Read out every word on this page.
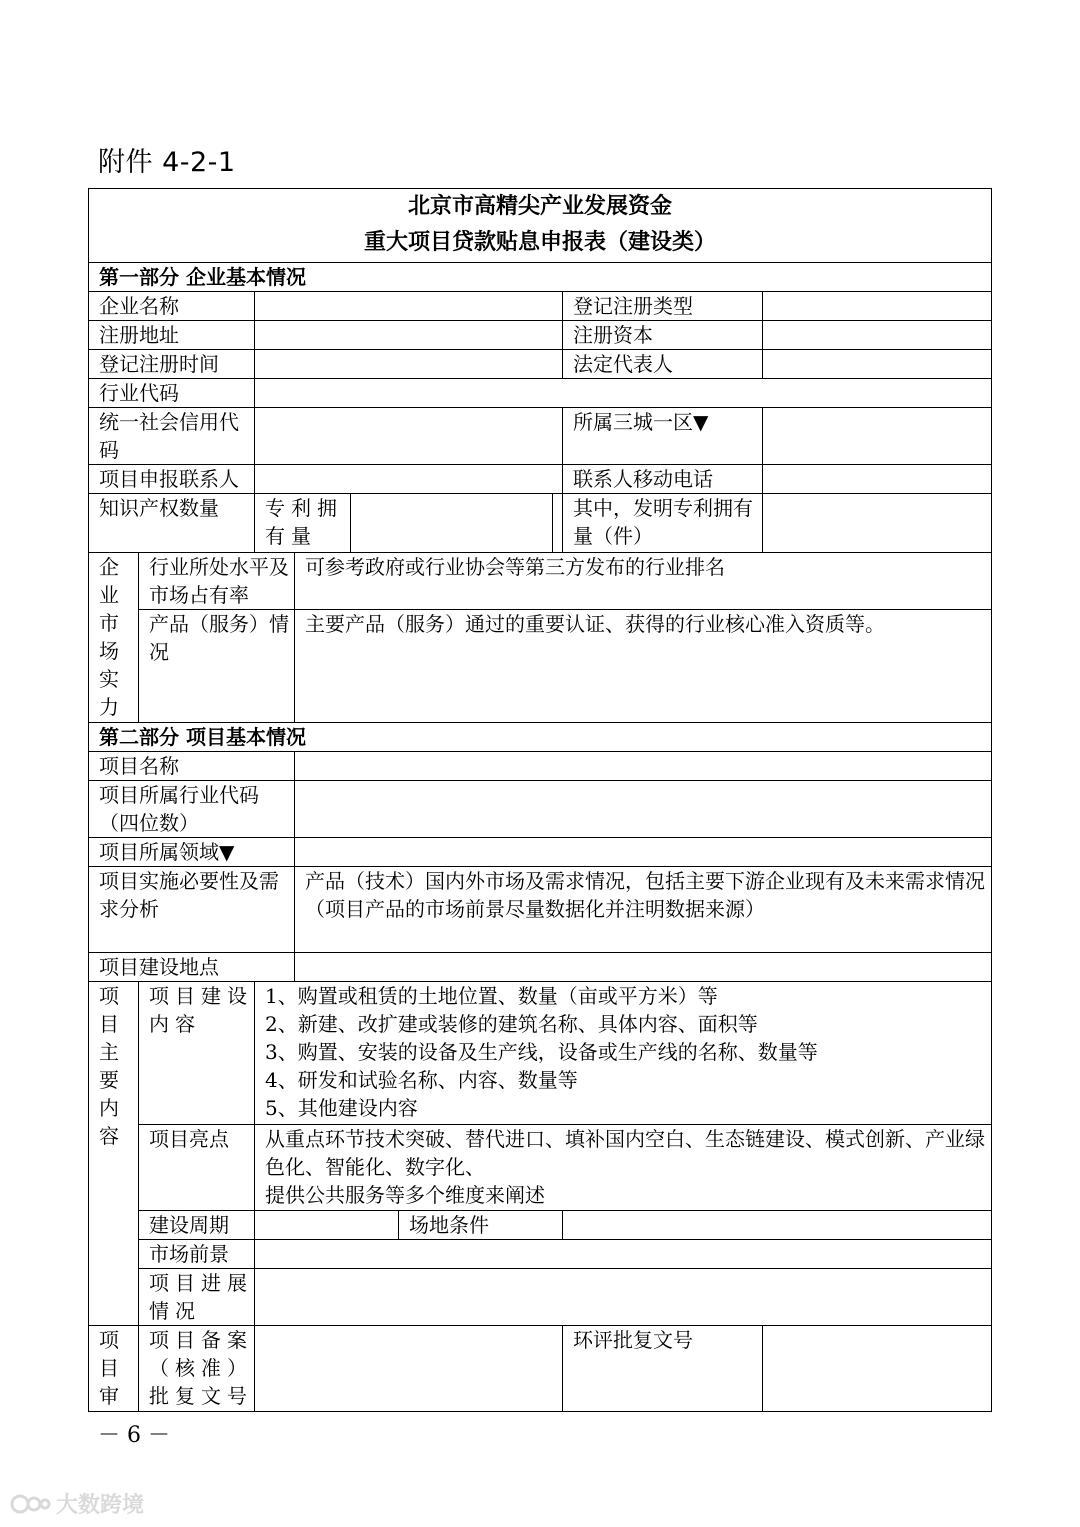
附件 4-2-1
北京市高精尖产业发展资金
重大项目贷款贴息申报表（建设类）							

第一部分 企业基本情况							
企业名称						登记注册类型	
注册地址						注册资本	
登记注册时间						法定代表人	
行业代码							
统一社会信用代码						所属三城一区▼	
项目申报联系人						联系人移动电话	
知识产权数量		专利拥有量				其中，发明专利拥有量（件）	

企业市场实力	行业所处水平及市场占有率		可参考政府或行业协会等第三方发布的行业排名				
	产品（服务）情况		主要产品（服务）通过的重要认证、获得的行业核心准入资质等。				
第二部分 项目基本情况							
项目名称							
项目所属行业代码（四位数）							
项目所属领域▼							
项目实施必要性及需求分析			产品（技术）国内外市场及需求情况，包括主要下游企业现有及未来需求情况
（项目产品的市场前景尽量数据化并注明数据来源）				

项目建设地点							

项目主要内容	项目建设内容	1、购置或租赁的土地位置、数量（亩或平方米）等
2、新建、改扩建或装修的建筑名称、具体内容、面积等
3、购置、安装的设备及生产线，设备或生产线的名称、数量等
4、研发和试验名称、内容、数量等
5、其他建设内容					

	项目亮点	从重点环节技术突破、替代进口、填补国内空白、生态链建设、模式创新、产业绿色化、智能化、数字化、
提供公共服务等多个维度来阐述					

	建设周期			场地条件			
	市场前景						
	项目进展情况						

项目审	项目备案（核准）批复文号					环评批复文号	
－ 6 －
大数跨境
